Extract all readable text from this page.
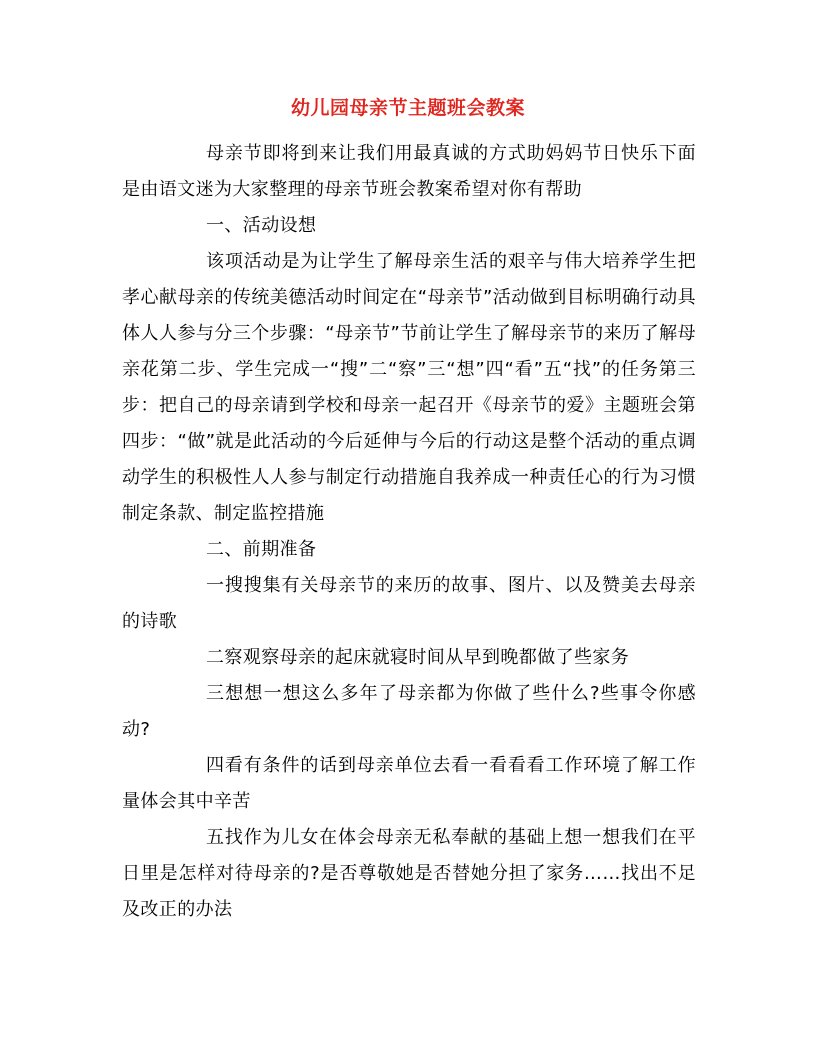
幼儿园母亲节主题班会教案

母亲节即将到来让我们用最真诚的方式助妈妈节日快乐下面是由语文迷为大家整理的母亲节班会教案希望对你有帮助

一、活动设想

该项活动是为让学生了解母亲生活的艰辛与伟大培养学生把孝心献母亲的传统美德活动时间定在“母亲节”活动做到目标明确行动具体人人参与分三个步骤：“母亲节”节前让学生了解母亲节的来历了解母亲花第二步、学生完成一“搜”二“察”三“想”四“看”五“找”的任务第三步：把自己的母亲请到学校和母亲一起召开《母亲节的爱》主题班会第四步：“做”就是此活动的今后延伸与今后的行动这是整个活动的重点调动学生的积极性人人参与制定行动措施自我养成一种责任心的行为习惯制定条款、制定监控措施

二、前期准备

一搜搜集有关母亲节的来历的故事、图片、以及赞美去母亲的诗歌

二察观察母亲的起床就寝时间从早到晚都做了些家务

三想想一想这么多年了母亲都为你做了些什么?些事令你感动?

四看有条件的话到母亲单位去看一看看看工作环境了解工作量体会其中辛苦

五找作为儿女在体会母亲无私奉献的基础上想一想我们在平日里是怎样对待母亲的?是否尊敬她是否替她分担了家务……找出不足及改正的办法
